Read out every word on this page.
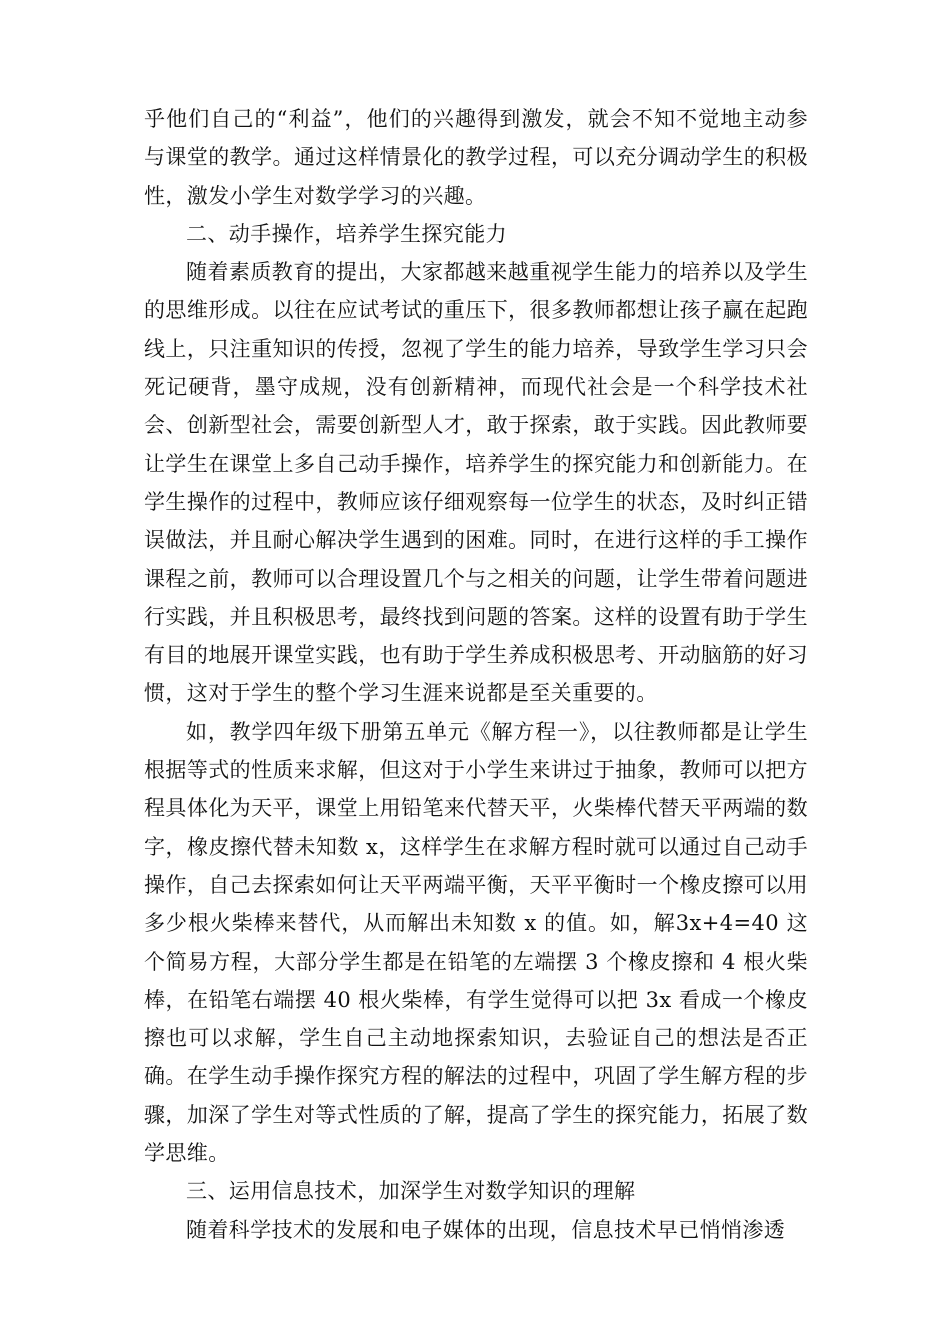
乎他们自己的“利益”，他们的兴趣得到激发，就会不知不觉地主动参与课堂的教学。通过这样情景化的教学过程，可以充分调动学生的积极性，激发小学生对数学学习的兴趣。

二、动手操作，培养学生探究能力

随着素质教育的提出，大家都越来越重视学生能力的培养以及学生的思维形成。以往在应试考试的重压下，很多教师都想让孩子赢在起跑线上，只注重知识的传授，忽视了学生的能力培养，导致学生学习只会死记硬背，墨守成规，没有创新精神，而现代社会是一个科学技术社会、创新型社会，需要创新型人才，敢于探索，敢于实践。因此教师要让学生在课堂上多自己动手操作，培养学生的探究能力和创新能力。在学生操作的过程中，教师应该仔细观察每一位学生的状态，及时纠正错误做法，并且耐心解决学生遇到的困难。同时，在进行这样的手工操作课程之前，教师可以合理设置几个与之相关的问题，让学生带着问题进行实践，并且积极思考，最终找到问题的答案。这样的设置有助于学生有目的地展开课堂实践，也有助于学生养成积极思考、开动脑筋的好习惯，这对于学生的整个学习生涯来说都是至关重要的。

如，教学四年级下册第五单元《解方程一》，以往教师都是让学生根据等式的性质来求解，但这对于小学生来讲过于抽象，教师可以把方程具体化为天平，课堂上用铅笔来代替天平，火柴棒代替天平两端的数字，橡皮擦代替未知数 x，这样学生在求解方程时就可以通过自己动手操作，自己去探索如何让天平两端平衡，天平平衡时一个橡皮擦可以用多少根火柴棒来替代，从而解出未知数 x 的值。如，解3x+4=40 这个简易方程，大部分学生都是在铅笔的左端摆 3 个橡皮擦和 4 根火柴棒，在铅笔右端摆 40 根火柴棒，有学生觉得可以把 3x 看成一个橡皮擦也可以求解，学生自己主动地探索知识，去验证自己的想法是否正确。在学生动手操作探究方程的解法的过程中，巩固了学生解方程的步骤，加深了学生对等式性质的了解，提高了学生的探究能力，拓展了数学思维。

三、运用信息技术，加深学生对数学知识的理解

随着科学技术的发展和电子媒体的出现，信息技术早已悄悄渗透
